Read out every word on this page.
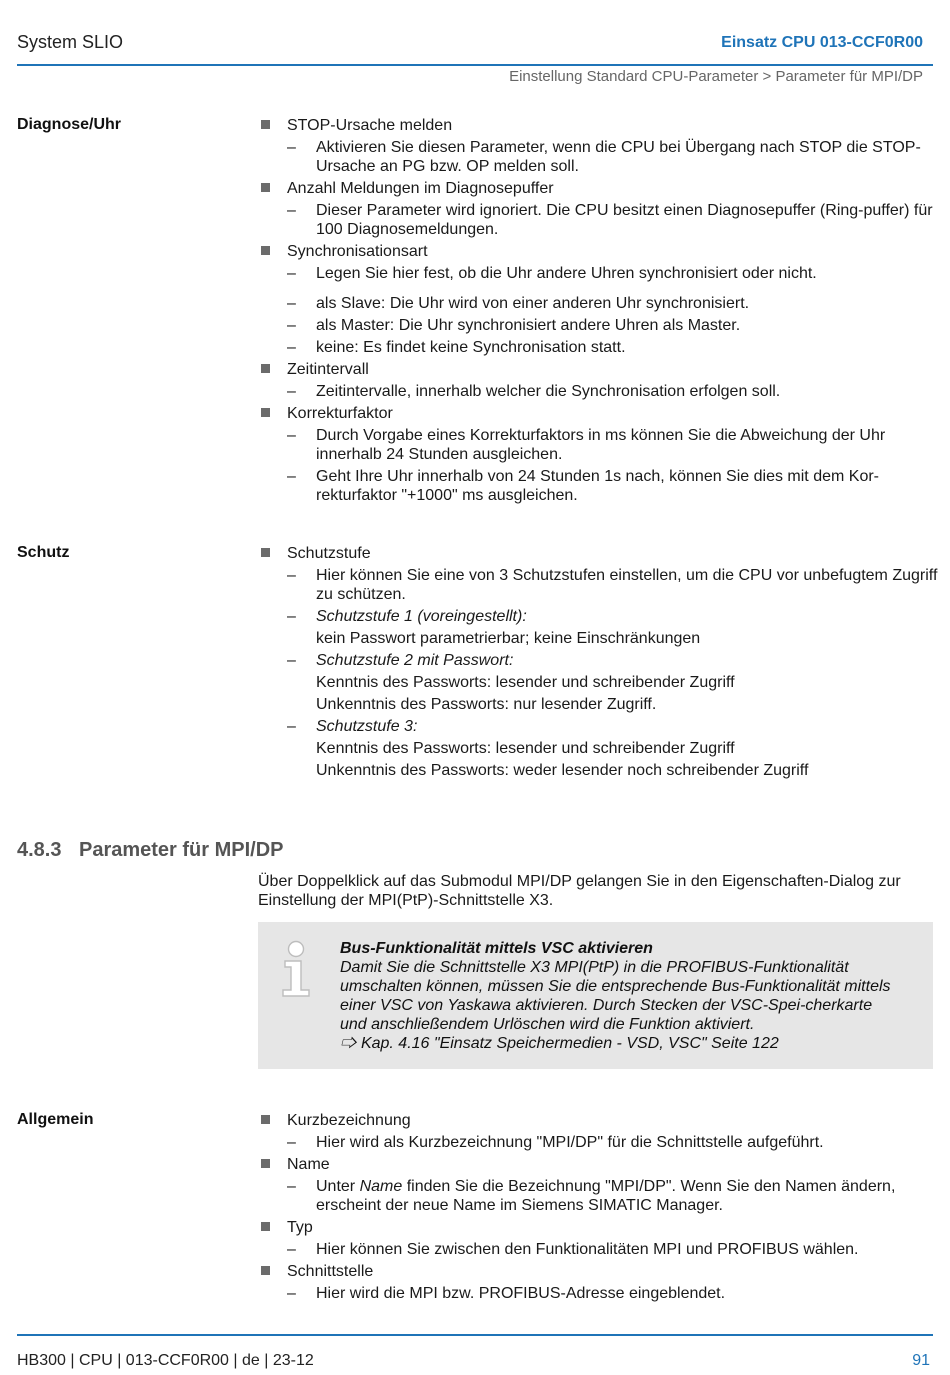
System SLIO	Einsatz CPU 013-CCF0R00
Einstellung Standard CPU-Parameter > Parameter für MPI/DP
Diagnose/Uhr	STOP-Ursache melden
– Aktivieren Sie diesen Parameter, wenn die CPU bei Übergang nach STOP die STOP-Ursache an PG bzw. OP melden soll.
Anzahl Meldungen im Diagnosepuffer
– Dieser Parameter wird ignoriert. Die CPU besitzt einen Diagnosepuffer (Ring-puffer) für 100 Diagnosemeldungen.
Synchronisationsart
– Legen Sie hier fest, ob die Uhr andere Uhren synchronisiert oder nicht.
– als Slave: Die Uhr wird von einer anderen Uhr synchronisiert.
– als Master: Die Uhr synchronisiert andere Uhren als Master.
– keine: Es findet keine Synchronisation statt.
Zeitintervall
– Zeitintervalle, innerhalb welcher die Synchronisation erfolgen soll.
Korrekturfaktor
– Durch Vorgabe eines Korrekturfaktors in ms können Sie die Abweichung der Uhr innerhalb 24 Stunden ausgleichen.
– Geht Ihre Uhr innerhalb von 24 Stunden 1s nach, können Sie dies mit dem Kor-rekturfaktor "+1000" ms ausgleichen.
Schutz	Schutzstufe
– Hier können Sie eine von 3 Schutzstufen einstellen, um die CPU vor unbefugtem Zugriff zu schützen.
– Schutzstufe 1 (voreingestellt):
kein Passwort parametrierbar; keine Einschränkungen
– Schutzstufe 2 mit Passwort:
Kenntnis des Passworts: lesender und schreibender Zugriff
Unkenntnis des Passworts: nur lesender Zugriff.
– Schutzstufe 3:
Kenntnis des Passworts: lesender und schreibender Zugriff
Unkenntnis des Passworts: weder lesender noch schreibender Zugriff
4.8.3 Parameter für MPI/DP
Über Doppelklick auf das Submodul MPI/DP gelangen Sie in den Eigenschaften-Dialog zur Einstellung der MPI(PtP)-Schnittstelle X3.
Bus-Funktionalität mittels VSC aktivieren
Damit Sie die Schnittstelle X3 MPI(PtP) in die PROFIBUS-Funktionalität umschalten können, müssen Sie die entsprechende Bus-Funktionalität mittels einer VSC von Yaskawa aktivieren. Durch Stecken der VSC-Spei-cherkarte und anschließendem Urlöschen wird die Funktion aktiviert.
🢥 Kap. 4.16 "Einsatz Speichermedien - VSD, VSC" Seite 122
Allgemein	Kurzbezeichnung
– Hier wird als Kurzbezeichnung "MPI/DP" für die Schnittstelle aufgeführt.
Name
– Unter Name finden Sie die Bezeichnung "MPI/DP". Wenn Sie den Namen ändern, erscheint der neue Name im Siemens SIMATIC Manager.
Typ
– Hier können Sie zwischen den Funktionalitäten MPI und PROFIBUS wählen.
Schnittstelle
– Hier wird die MPI bzw. PROFIBUS-Adresse eingeblendet.
HB300 | CPU | 013-CCF0R00 | de | 23-12	91
